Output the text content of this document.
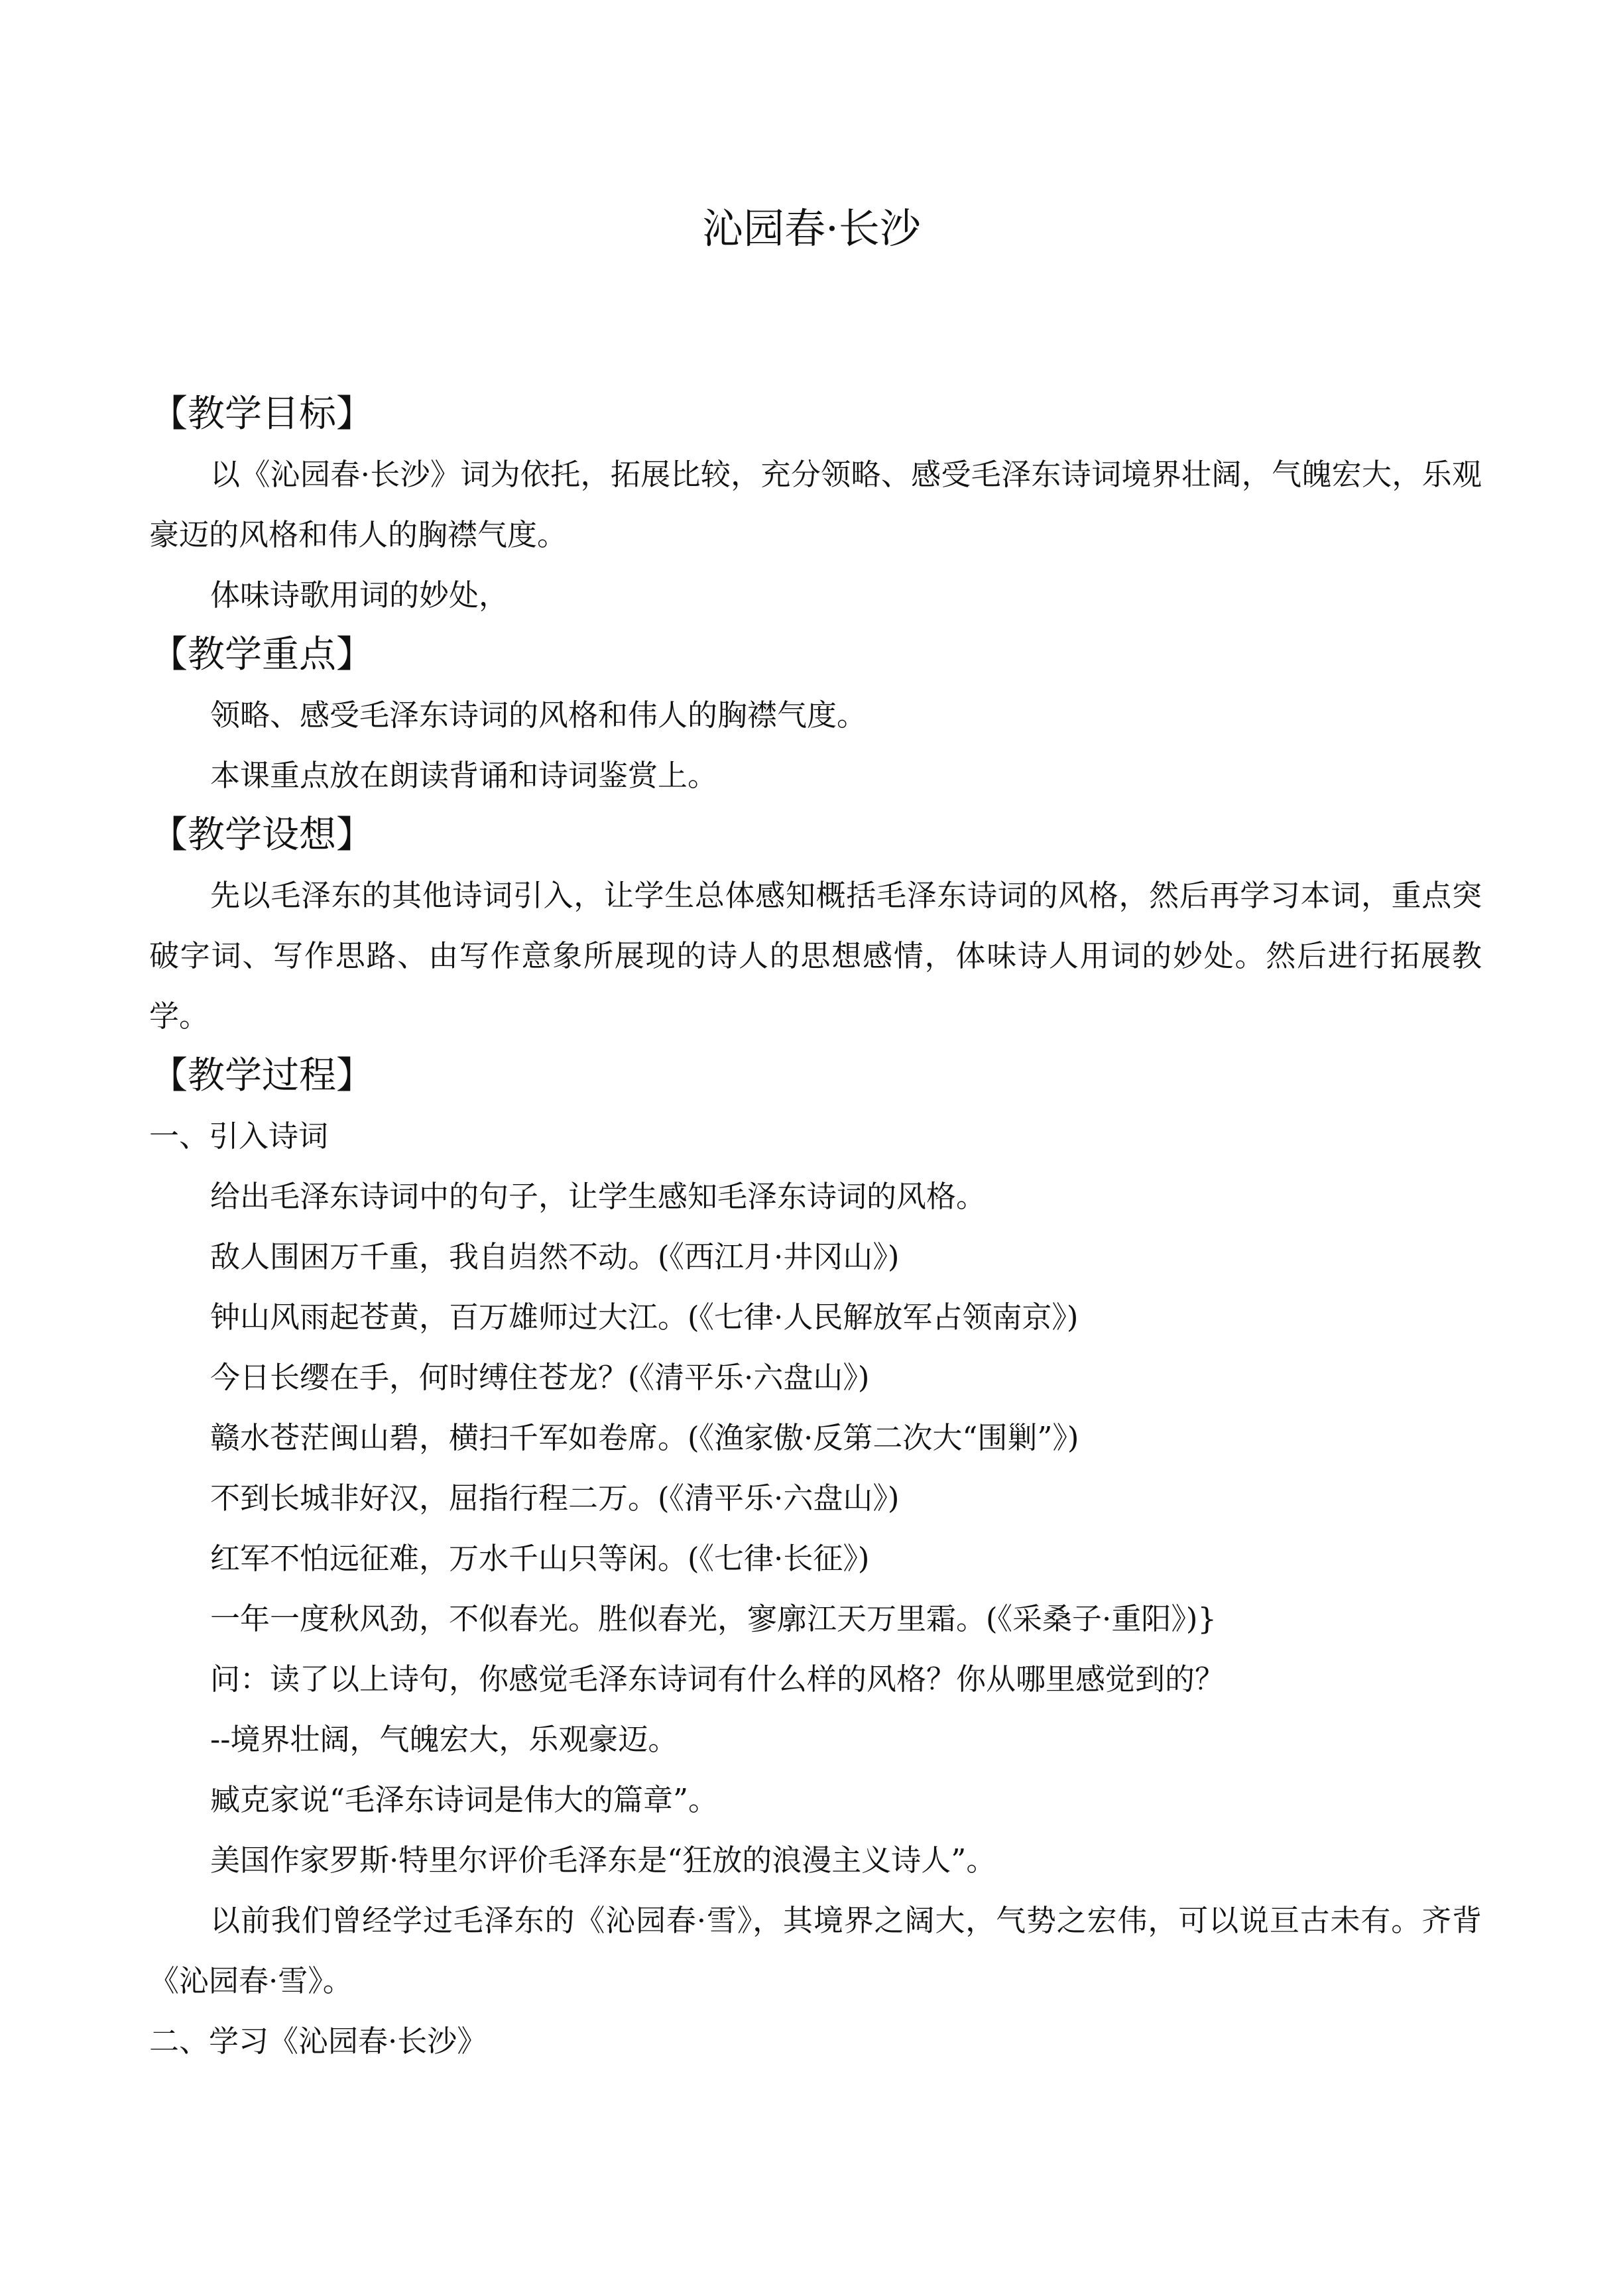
沁园春·长沙
【教学目标】
以《沁园春·长沙》词为依托，拓展比较，充分领略、感受毛泽东诗词境界壮阔，气魄宏大，乐观豪迈的风格和伟人的胸襟气度。
体味诗歌用词的妙处，
【教学重点】
领略、感受毛泽东诗词的风格和伟人的胸襟气度。
本课重点放在朗读背诵和诗词鉴赏上。
【教学设想】
先以毛泽东的其他诗词引入，让学生总体感知概括毛泽东诗词的风格，然后再学习本词，重点突破字词、写作思路、由写作意象所展现的诗人的思想感情，体味诗人用词的妙处。然后进行拓展教学。
【教学过程】
一、引入诗词
给出毛泽东诗词中的句子，让学生感知毛泽东诗词的风格。
敌人围困万千重，我自岿然不动。(《西江月·井冈山》)
钟山风雨起苍黄，百万雄师过大江。(《七律·人民解放军占领南京》)
今日长缨在手，何时缚住苍龙？(《清平乐·六盘山》)
赣水苍茫闽山碧，横扫千军如卷席。(《渔家傲·反第二次大“围剿”》)
不到长城非好汉，屈指行程二万。(《清平乐·六盘山》)
红军不怕远征难，万水千山只等闲。(《七律·长征》)
一年一度秋风劲，不似春光。胜似春光，寥廓江天万里霜。(《采桑子·重阳》)}
问：读了以上诗句，你感觉毛泽东诗词有什么样的风格？你从哪里感觉到的？
--境界壮阔，气魄宏大，乐观豪迈。
臧克家说“毛泽东诗词是伟大的篇章”。
美国作家罗斯·特里尔评价毛泽东是“狂放的浪漫主义诗人”。
以前我们曾经学过毛泽东的《沁园春·雪》，其境界之阔大，气势之宏伟，可以说亘古未有。齐背《沁园春·雪》。
二、学习《沁园春·长沙》
